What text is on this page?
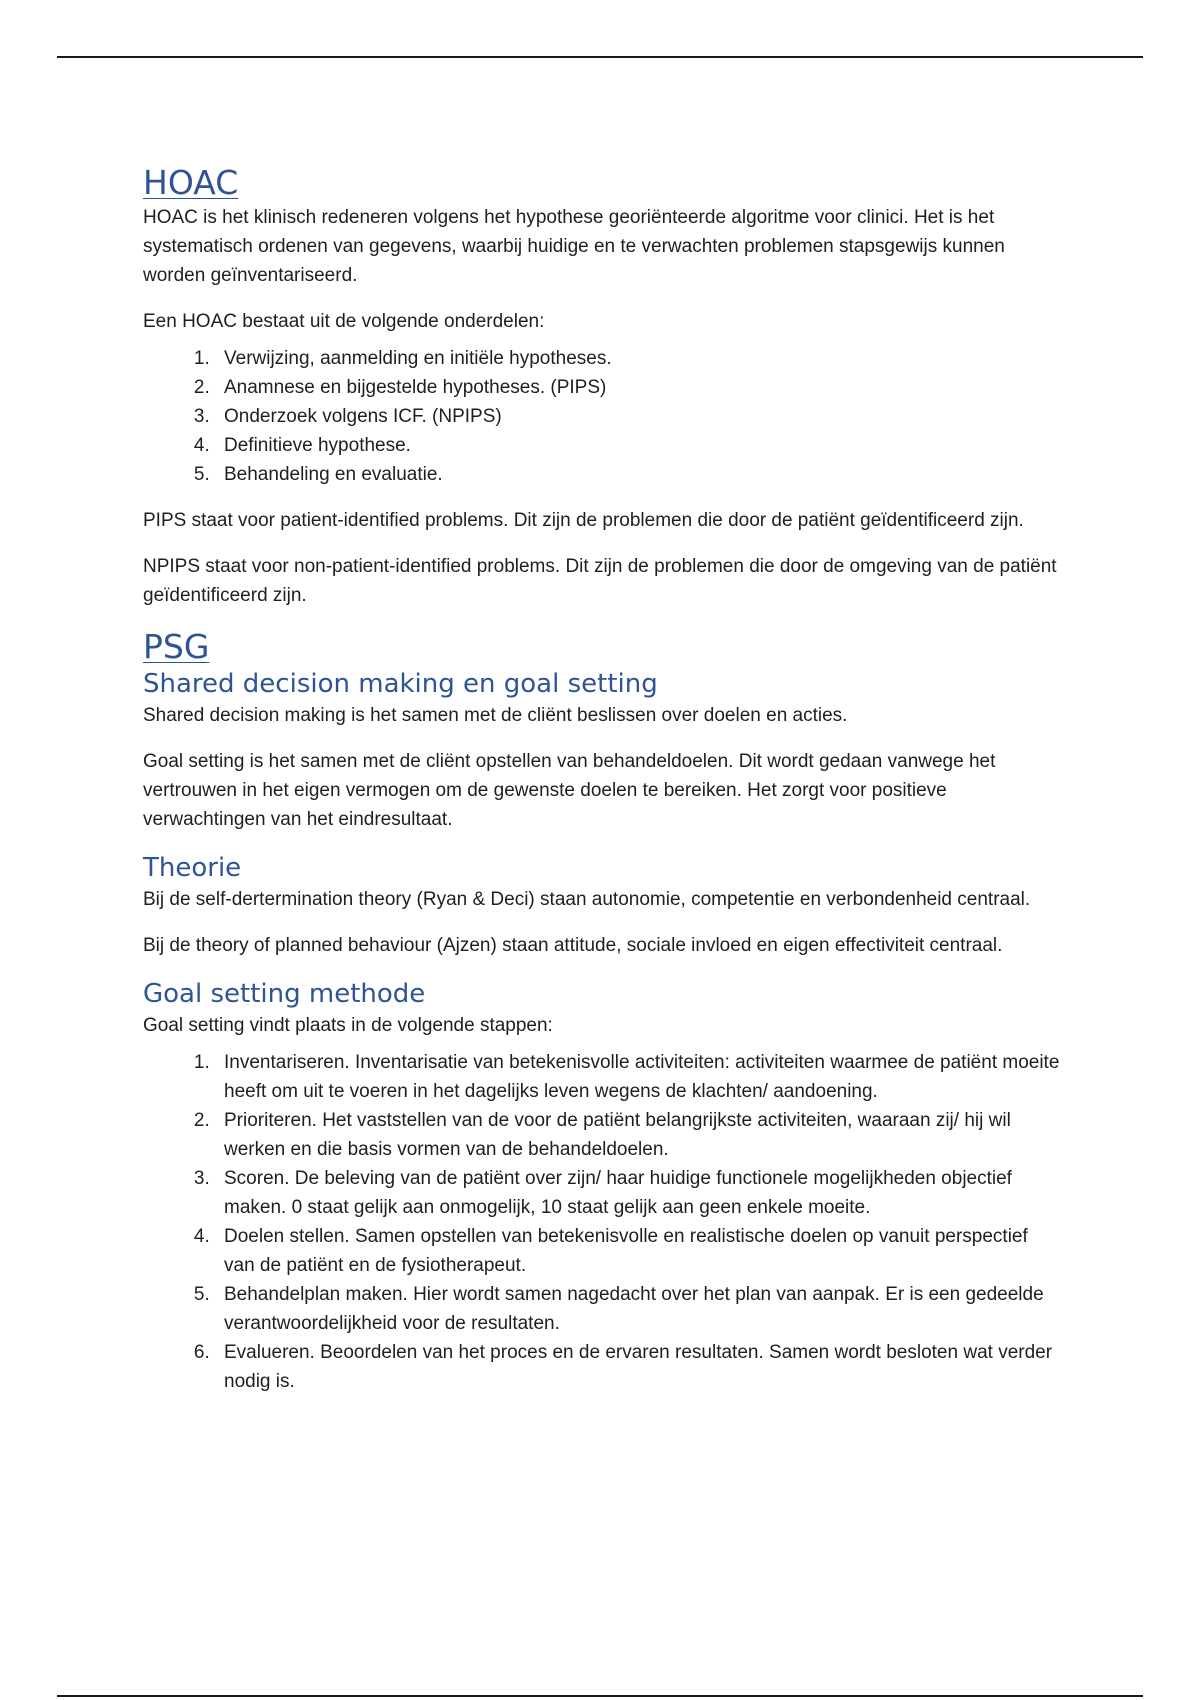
HOAC

HOAC is het klinisch redeneren volgens het hypothese georiënteerde algoritme voor clinici. Het is het systematisch ordenen van gegevens, waarbij huidige en te verwachten problemen stapsgewijs kunnen worden geïnventariseerd.

Een HOAC bestaat uit de volgende onderdelen:

1. Verwijzing, aanmelding en initiële hypotheses.
2. Anamnese en bijgestelde hypotheses. (PIPS)
3. Onderzoek volgens ICF. (NPIPS)
4. Definitieve hypothese.
5. Behandeling en evaluatie.

PIPS staat voor patient-identified problems. Dit zijn de problemen die door de patiënt geïdentificeerd zijn.

NPIPS staat voor non-patient-identified problems. Dit zijn de problemen die door de omgeving van de patiënt geïdentificeerd zijn.

PSG
Shared decision making en goal setting

Shared decision making is het samen met de cliënt beslissen over doelen en acties.

Goal setting is het samen met de cliënt opstellen van behandeldoelen. Dit wordt gedaan vanwege het vertrouwen in het eigen vermogen om de gewenste doelen te bereiken. Het zorgt voor positieve verwachtingen van het eindresultaat.

Theorie

Bij de self-dertermination theory (Ryan & Deci) staan autonomie, competentie en verbondenheid centraal.

Bij de theory of planned behaviour (Ajzen) staan attitude, sociale invloed en eigen effectiviteit centraal.

Goal setting methode

Goal setting vindt plaats in de volgende stappen:

1. Inventariseren. Inventarisatie van betekenisvolle activiteiten: activiteiten waarmee de patiënt moeite heeft om uit te voeren in het dagelijks leven wegens de klachten/ aandoening.
2. Prioriteren. Het vaststellen van de voor de patiënt belangrijkste activiteiten, waaraan zij/ hij wil werken en die basis vormen van de behandeldoelen.
3. Scoren. De beleving van de patiënt over zijn/ haar huidige functionele mogelijkheden objectief maken. 0 staat gelijk aan onmogelijk, 10 staat gelijk aan geen enkele moeite.
4. Doelen stellen. Samen opstellen van betekenisvolle en realistische doelen op vanuit perspectief van de patiënt en de fysiotherapeut.
5. Behandelplan maken. Hier wordt samen nagedacht over het plan van aanpak. Er is een gedeelde verantwoordelijkheid voor de resultaten.
6. Evalueren. Beoordelen van het proces en de ervaren resultaten. Samen wordt besloten wat verder nodig is.
